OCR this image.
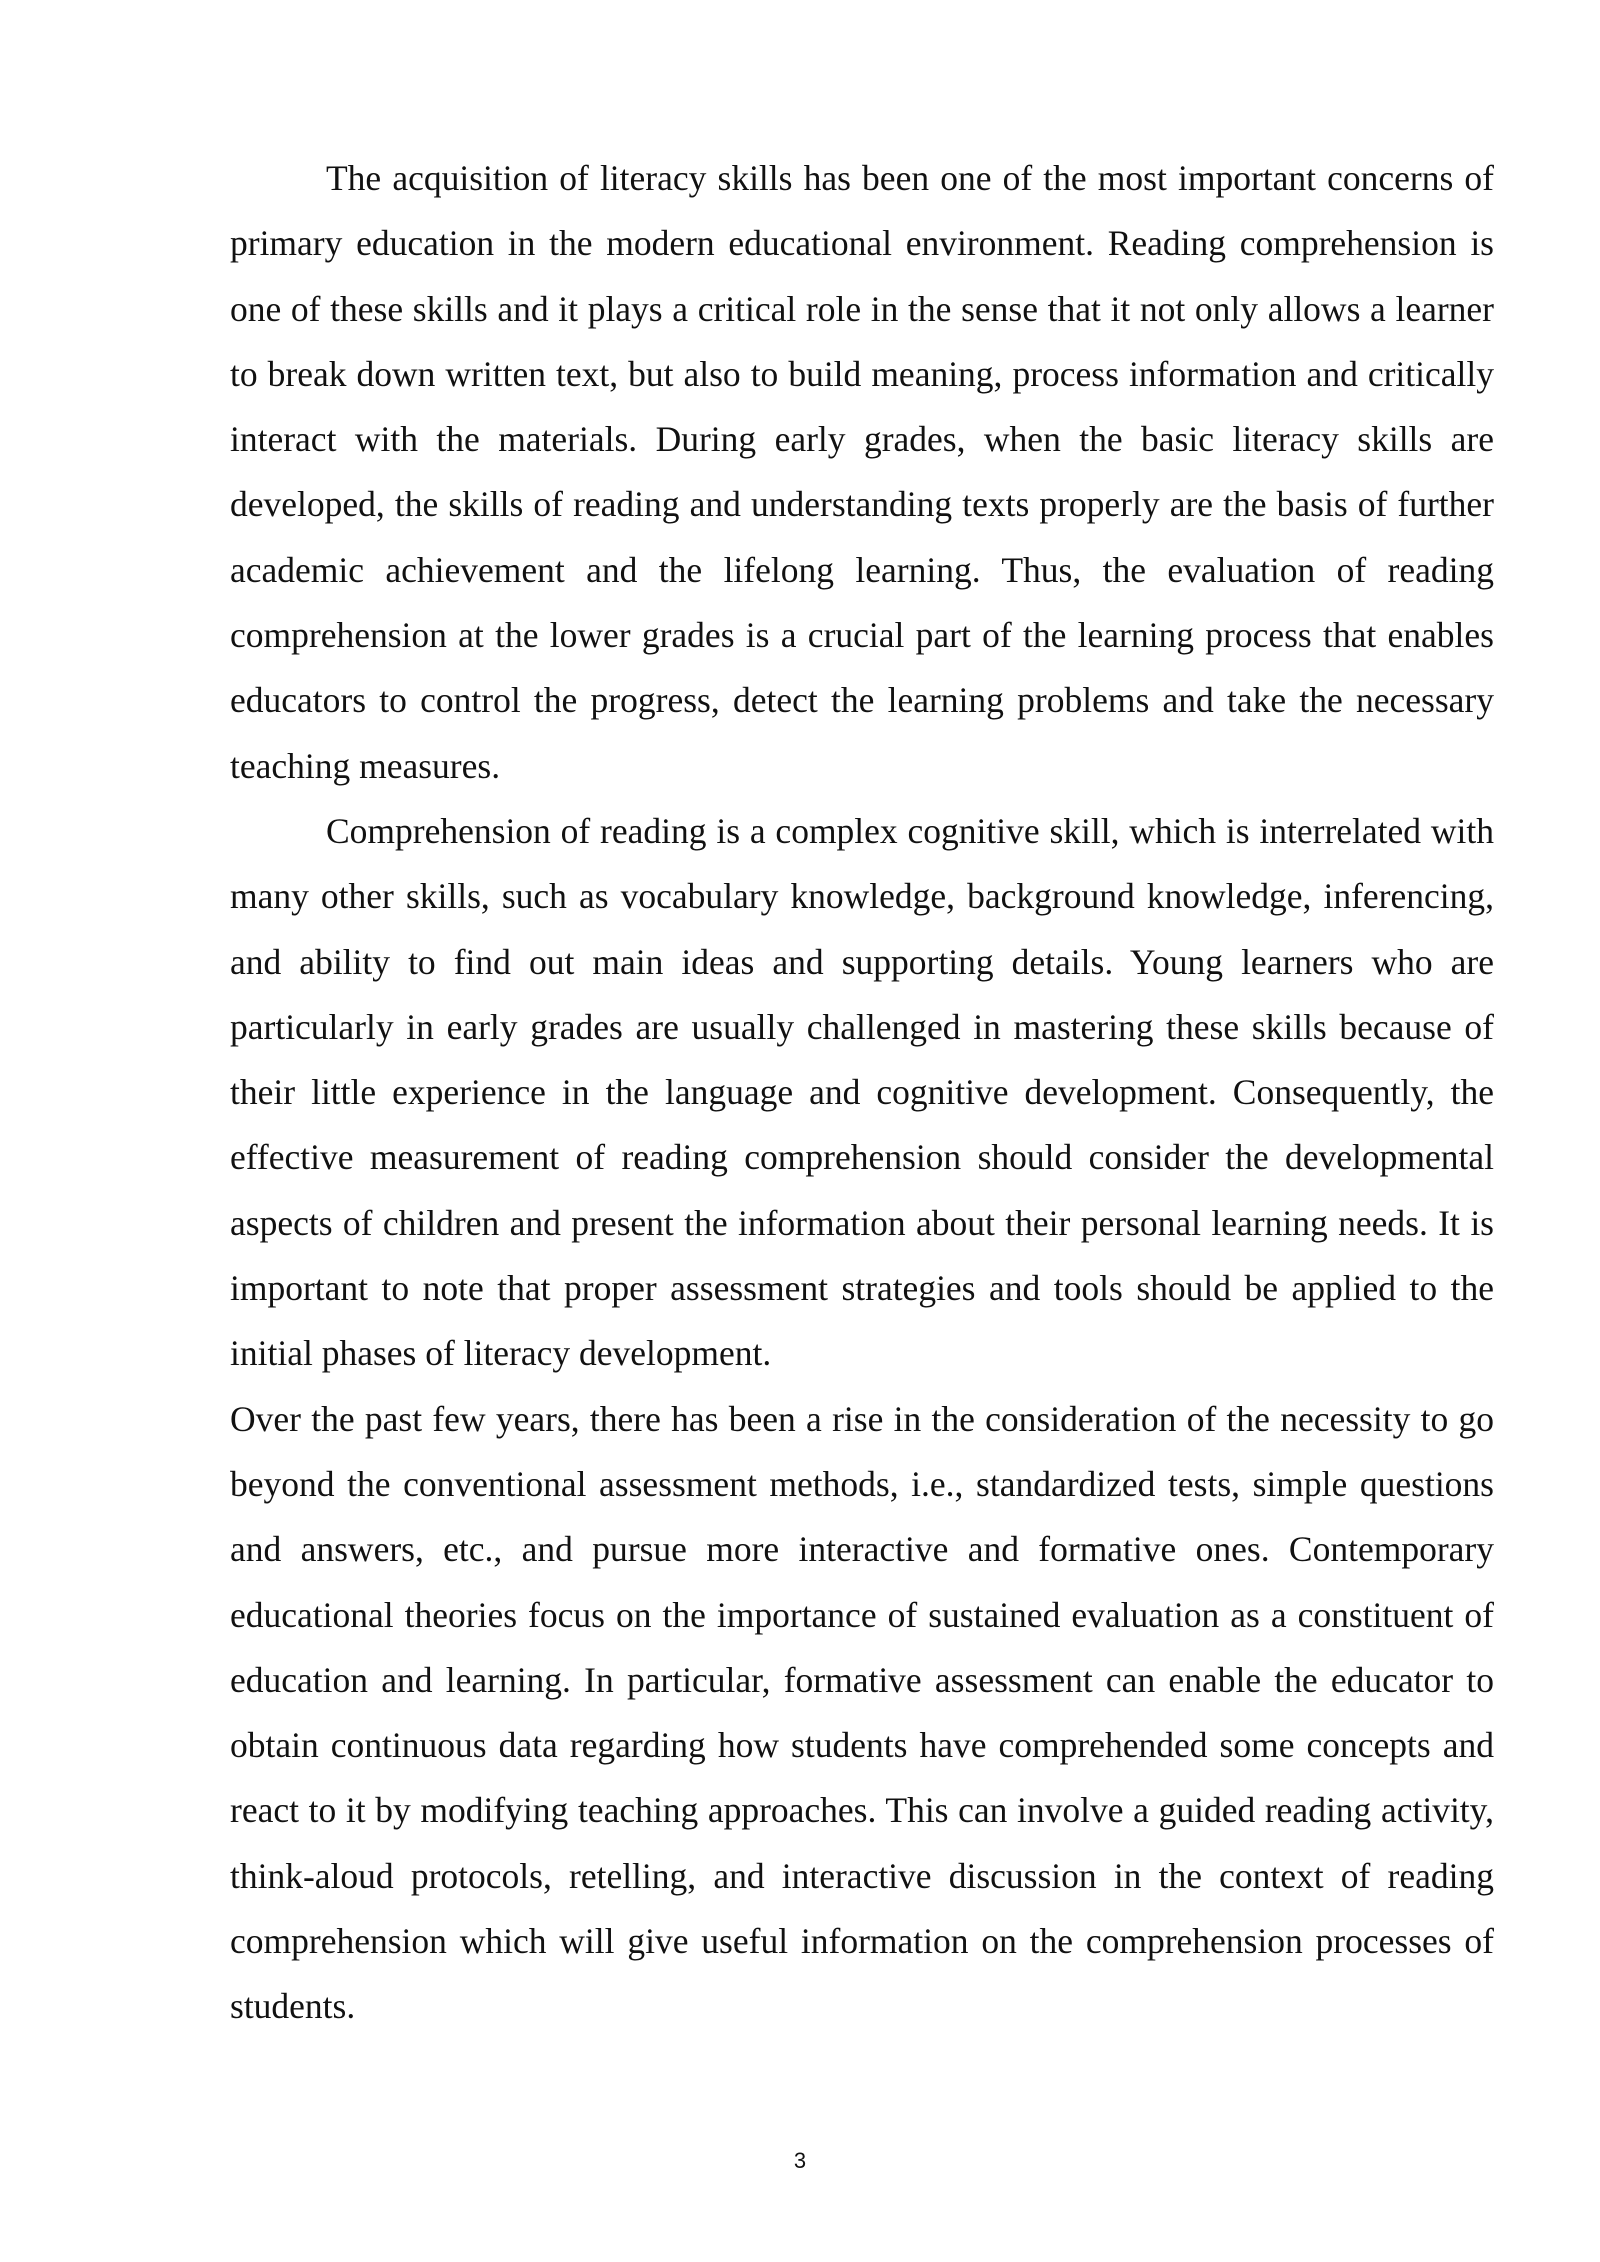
The acquisition of literacy skills has been one of the most important concerns of primary education in the modern educational environment. Reading comprehension is one of these skills and it plays a critical role in the sense that it not only allows a learner to break down written text, but also to build meaning, process information and critically interact with the materials. During early grades, when the basic literacy skills are developed, the skills of reading and understanding texts properly are the basis of further academic achievement and the lifelong learning. Thus, the evaluation of reading comprehension at the lower grades is a crucial part of the learning process that enables educators to control the progress, detect the learning problems and take the necessary teaching measures.

Comprehension of reading is a complex cognitive skill, which is interrelated with many other skills, such as vocabulary knowledge, background knowledge, inferencing, and ability to find out main ideas and supporting details. Young learners who are particularly in early grades are usually challenged in mastering these skills because of their little experience in the language and cognitive development. Consequently, the effective measurement of reading comprehension should consider the developmental aspects of children and present the information about their personal learning needs. It is important to note that proper assessment strategies and tools should be applied to the initial phases of literacy development.

Over the past few years, there has been a rise in the consideration of the necessity to go beyond the conventional assessment methods, i.e., standardized tests, simple questions and answers, etc., and pursue more interactive and formative ones. Contemporary educational theories focus on the importance of sustained evaluation as a constituent of education and learning. In particular, formative assessment can enable the educator to obtain continuous data regarding how students have comprehended some concepts and react to it by modifying teaching approaches. This can involve a guided reading activity, think-aloud protocols, retelling, and interactive discussion in the context of reading comprehension which will give useful information on the comprehension processes of students.

3
